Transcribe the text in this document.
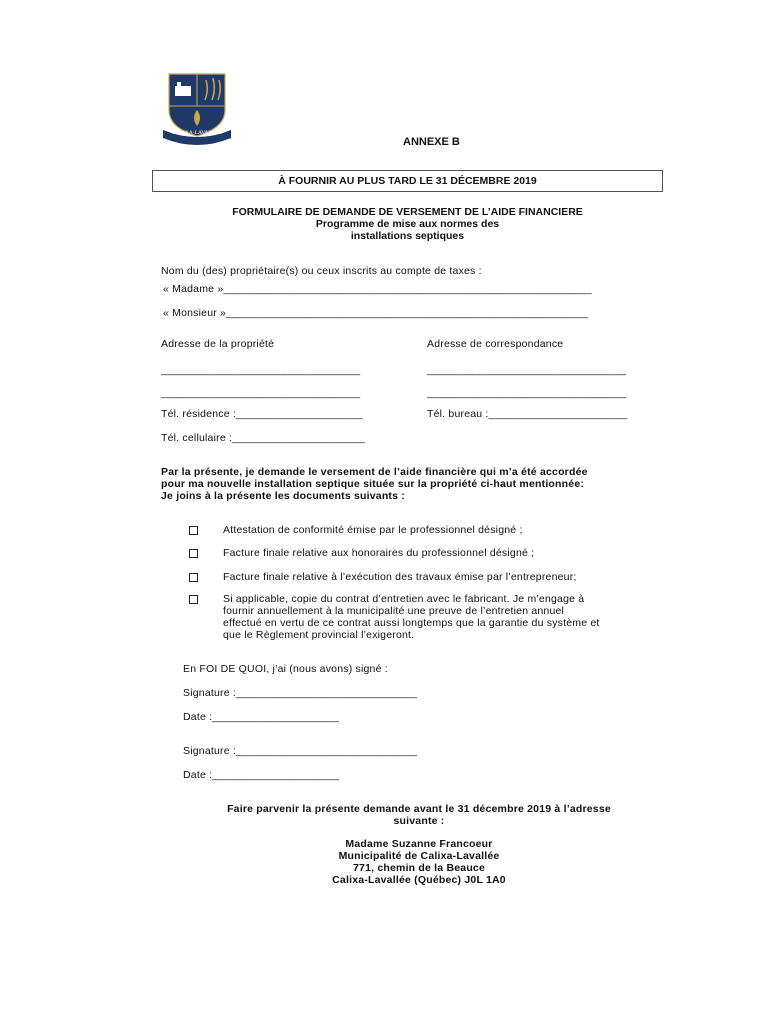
CALIXA-LAVALLÉE
ANNEXE B
À FOURNIR AU PLUS TARD LE 31 DÉCEMBRE 2019
FORMULAIRE DE DEMANDE DE VERSEMENT DE L’AIDE FINANCIERE
Programme de mise aux normes des
installations septiques
Nom du (des) propriétaire(s) ou ceux inscrits au compte de taxes :
« Madame »_____________________________________________________________
« Monsieur »____________________________________________________________
Adresse de la propriété	Adresse de correspondance
_________________________________
_________________________________
_________________________________
_________________________________
Tél. résidence :_____________________	Tél. bureau :_______________________
Tél. cellulaire :______________________
Par la présente, je demande le versement de l’aide financière qui m’a été accordée
pour ma nouvelle installation septique située sur la propriété ci-haut mentionnée:
Je joins à la présente les documents suivants :
Attestation de conformité émise par le professionnel désigné ;
Facture finale relative aux honoraires du professionnel désigné ;
Facture finale relative à l’exécution des travaux émise par l’entrepreneur;
Si applicable, copie du contrat d’entretien avec le fabricant. Je m’engage à
fournir annuellement à la municipalité une preuve de l’entretien annuel
effectué en vertu de ce contrat aussi longtemps que la garantie du système et
que le Règlement provincial l’exigeront.
En FOI DE QUOI, j’ai (nous avons) signé :
Signature :______________________________
Date :_____________________
Signature :______________________________
Date :_____________________
Faire parvenir la présente demande avant le 31 décembre 2019 à l’adresse
suivante :
Madame Suzanne Francoeur
Municipalité de Calixa-Lavallée
771, chemin de la Beauce
Calixa-Lavallée (Québec) J0L 1A0
